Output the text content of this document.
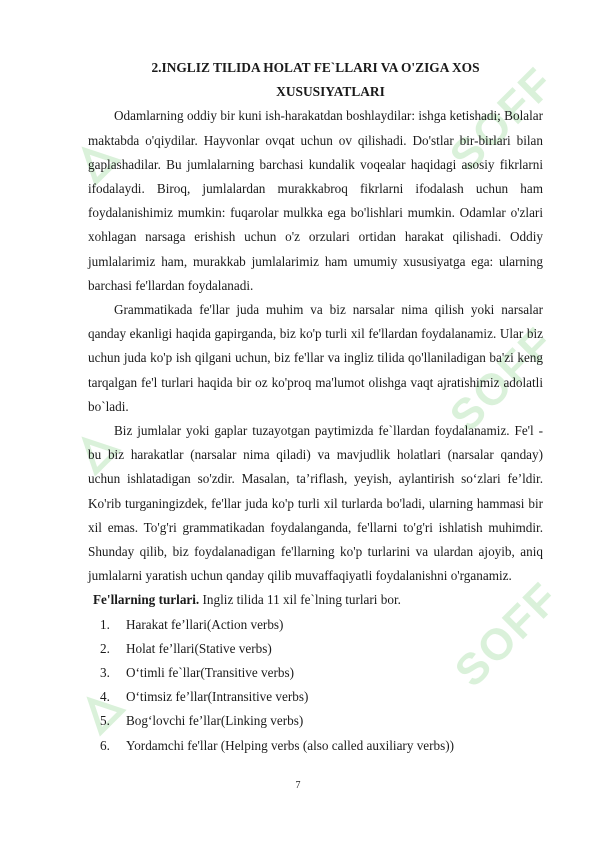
SOFF
SOFF
SOFF
2.INGLIZ TILIDA HOLAT FE`LLARI VA O'ZIGA XOS
XUSUSIYATLARI

Odamlarning oddiy bir kuni ish-harakatdan boshlaydilar: ishga ketishadi; Bolalar maktabda o'qiydilar. Hayvonlar ovqat uchun ov qilishadi. Do'stlar bir-birlari bilan gaplashadilar. Bu jumlalarning barchasi kundalik voqealar haqidagi asosiy fikrlarni ifodalaydi. Biroq, jumlalardan murakkabroq fikrlarni ifodalash uchun ham foydalanishimiz mumkin: fuqarolar mulkka ega bo'lishlari mumkin. Odamlar o'zlari xohlagan narsaga erishish uchun o'z orzulari ortidan harakat qilishadi. Oddiy jumlalarimiz ham, murakkab jumlalarimiz ham umumiy xususiyatga ega: ularning barchasi fe'llardan foydalanadi.

Grammatikada fe'llar juda muhim va biz narsalar nima qilish yoki narsalar qanday ekanligi haqida gapirganda, biz ko'p turli xil fe'llardan foydalanamiz. Ular biz uchun juda ko'p ish qilgani uchun, biz fe'llar va ingliz tilida qo'llaniladigan ba'zi keng tarqalgan fe'l turlari haqida bir oz ko'proq ma'lumot olishga vaqt ajratishimiz adolatli bo`ladi.

Biz jumlalar yoki gaplar tuzayotgan paytimizda fe`llardan foydalanamiz. Fe'l - bu biz harakatlar (narsalar nima qiladi) va mavjudlik holatlari (narsalar qanday) uchun ishlatadigan so'zdir. Masalan, ta’riflash, yeyish, aylantirish so‘zlari fe’ldir. Ko'rib turganingizdek, fe'llar juda ko'p turli xil turlarda bo'ladi, ularning hammasi bir xil emas. To'g'ri grammatikadan foydalanganda, fe'llarni to'g'ri ishlatish muhimdir. Shunday qilib, biz foydalanadigan fe'llarning ko'p turlarini va ulardan ajoyib, aniq jumlalarni yaratish uchun qanday qilib muvaffaqiyatli foydalanishni o'rganamiz.

Fe'llarning turlari. Ingliz tilida 11 xil fe`lning turlari bor.

1.	Harakat fe’llari(Action verbs)
2.	Holat fe’llari(Stative verbs)
3.	O‘timli fe`llar(Transitive verbs)
4.	O‘timsiz fe’llar(Intransitive verbs)
5.	Bog‘lovchi fe’llar(Linking verbs)
6.	Yordamchi fe'llar (Helping verbs (also called auxiliary verbs))
7
